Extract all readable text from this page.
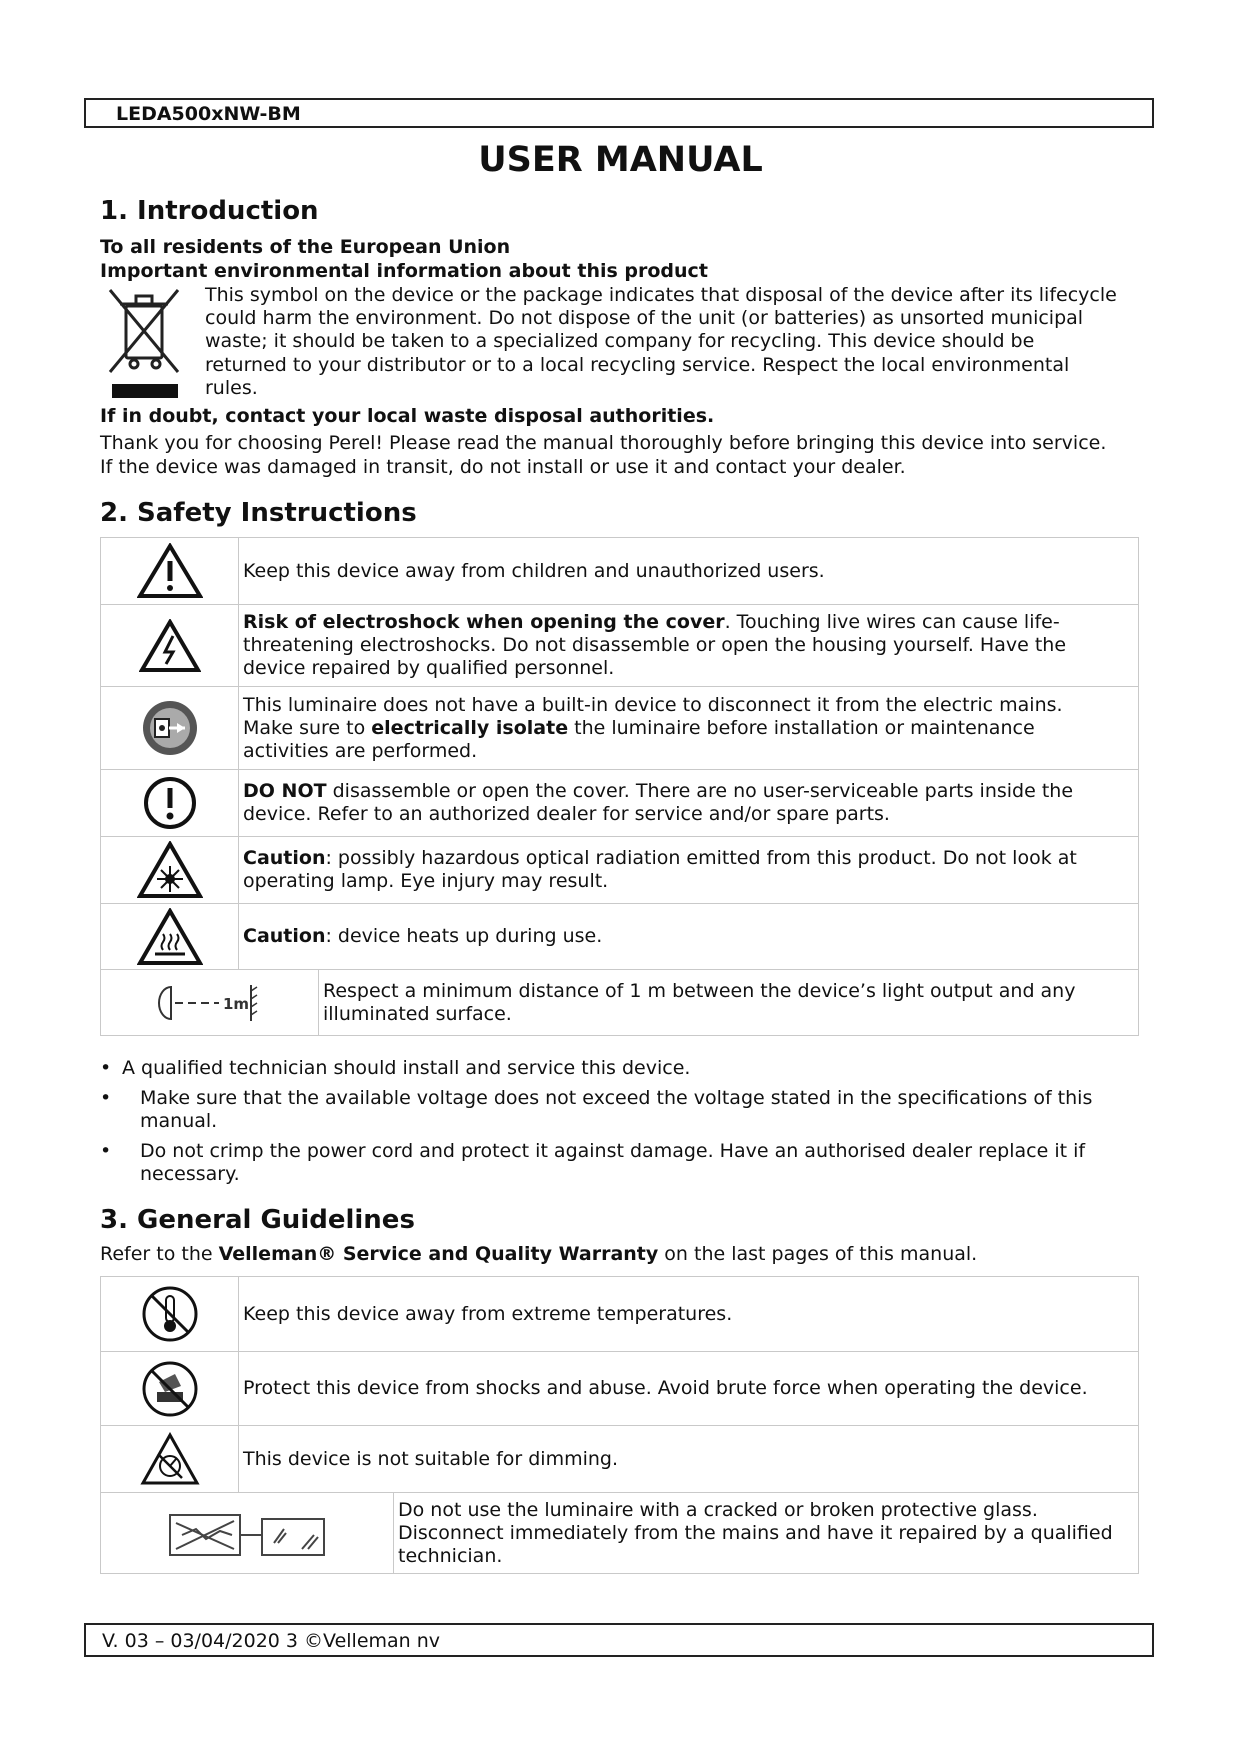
LEDA500xNW-BM
USER MANUAL
1. Introduction

To all residents of the European Union

Important environmental information about this product

This symbol on the device or the package indicates that disposal of the device after its lifecycle

could harm the environment. Do not dispose of the unit (or batteries) as unsorted municipal

waste; it should be taken to a specialized company for recycling. This device should be

returned to your distributor or to a local recycling service. Respect the local environmental

rules.

If in doubt, contact your local waste disposal authorities.

Thank you for choosing Perel! Please read the manual thoroughly before bringing this device into service.

If the device was damaged in transit, do not install or use it and contact your dealer.

2. Safety Instructions
	Keep this device away from children and unauthorized users.	
	Risk of electroshock when opening the cover. Touching live wires can cause life-
threatening electroshocks. Do not disassemble or open the housing yourself. Have the
device repaired by qualified personnel.	
	This luminaire does not have a built-in device to disconnect it from the electric mains.
Make sure to electrically isolate the luminaire before installation or maintenance
activities are performed.	
	DO NOT disassemble or open the cover. There are no user-serviceable parts inside the
device. Refer to an authorized dealer for service and/or spare parts.	
	Caution: possibly hazardous optical radiation emitted from this product. Do not look at
operating lamp. Eye injury may result.	
	Caution: device heats up during use.	

1m		Respect a minimum distance of 1 m between the device’s light output and any
illuminated surface.
• A qualified technician should install and service this device.
• Make sure that the available voltage does not exceed the voltage stated in the specifications of this
manual.
• Do not crimp the power cord and protect it against damage. Have an authorised dealer replace it if
necessary.
3. General Guidelines

Refer to the Velleman® Service and Quality Warranty on the last pages of this manual.

	Keep this device away from extreme temperatures.	
	Protect this device from shocks and abuse. Avoid brute force when operating the device.	
	This device is not suitable for dimming.	
	Do not use the luminaire with a cracked or broken protective glass.
Disconnect immediately from the mains and have it repaired by a qualified
technician.
V. 03 – 03/04/2020 3 ©Velleman nv
